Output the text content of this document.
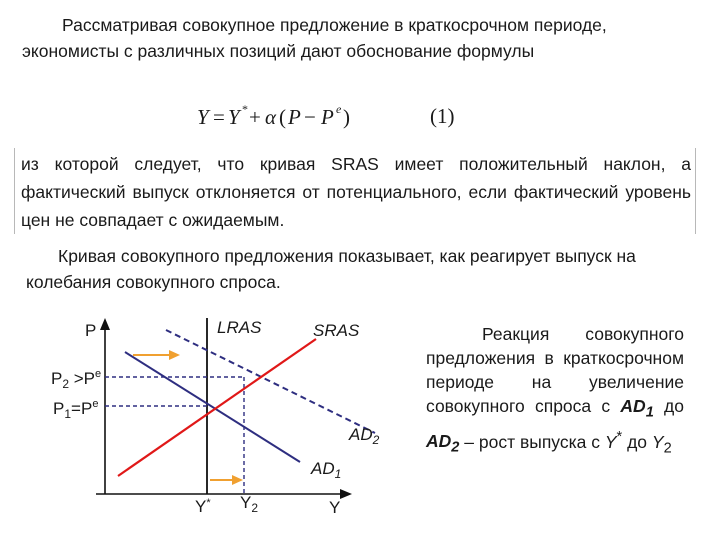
Рассматривая совокупное предложение в краткосрочном периоде, экономисты с различных позиций дают обоснование формулы

Y = Y * + α ( P − P e )	(1)

из которой следует, что кривая SRAS имеет положительный наклон, а фактический выпуск отклоняется от потенциального, если фактический уровень цен не совпадает с ожидаемым.

Кривая совокупного предложения показывает, как реагирует выпуск на колебания совокупного спроса.

P
Y
LRAS	SRAS
$AD_2$
$AD_1$
$P_2 >P^e$
$P_1=P^e$
Y* $Y_2$
Реакция совокупного предложения в краткосрочном периоде на увеличение совокупного спроса с $AD_1$ до $AD_2$ – рост выпуска с Y* до $Y_2$
